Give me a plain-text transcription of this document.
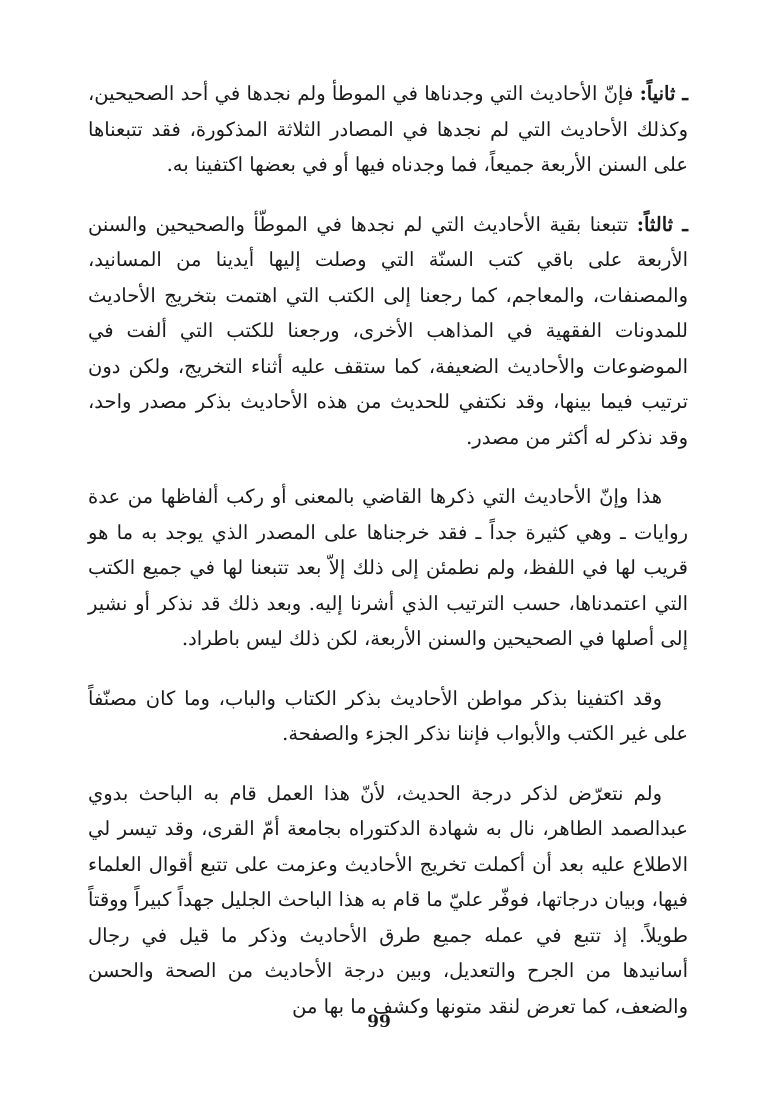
ـ ثانياً: فإنّ الأحاديث التي وجدناها في الموطأ ولم نجدها في أحد الصحيحين، وكذلك الأحاديث التي لم نجدها في المصادر الثلاثة المذكورة، فقد تتبعناها على السنن الأربعة جميعاً، فما وجدناه فيها أو في بعضها اكتفينا به.

ـ ثالثاً: تتبعنا بقية الأحاديث التي لم نجدها في الموطّأ والصحيحين والسنن الأربعة على باقي كتب السنّة التي وصلت إليها أيدينا من المسانيد، والمصنفات، والمعاجم، كما رجعنا إلى الكتب التي اهتمت بتخريج الأحاديث للمدونات الفقهية في المذاهب الأخرى، ورجعنا للكتب التي ألفت في الموضوعات والأحاديث الضعيفة، كما ستقف عليه أثناء التخريج، ولكن دون ترتيب فيما بينها، وقد نكتفي للحديث من هذه الأحاديث بذكر مصدر واحد، وقد نذكر له أكثر من مصدر.

هذا وإنّ الأحاديث التي ذكرها القاضي بالمعنى أو ركب ألفاظها من عدة روايات ـ وهي كثيرة جداً ـ فقد خرجناها على المصدر الذي يوجد به ما هو قريب لها في اللفظ، ولم نطمئن إلى ذلك إلاّ بعد تتبعنا لها في جميع الكتب التي اعتمدناها، حسب الترتيب الذي أشرنا إليه. وبعد ذلك قد نذكر أو نشير إلى أصلها في الصحيحين والسنن الأربعة، لكن ذلك ليس باطراد.

وقد اكتفينا بذكر مواطن الأحاديث بذكر الكتاب والباب، وما كان مصنّفاً على غير الكتب والأبواب فإننا نذكر الجزء والصفحة.

ولم نتعرّض لذكر درجة الحديث، لأنّ هذا العمل قام به الباحث بدوي عبدالصمد الطاهر، نال به شهادة الدكتوراه بجامعة أمّ القرى، وقد تيسر لي الاطلاع عليه بعد أن أكملت تخريج الأحاديث وعزمت على تتبع أقوال العلماء فيها، وبيان درجاتها، فوفّر عليّ ما قام به هذا الباحث الجليل جهداً كبيراً ووقتاً طويلاً. إذ تتبع في عمله جميع طرق الأحاديث وذكر ما قيل في رجال أسانيدها من الجرح والتعديل، وبين درجة الأحاديث من الصحة والحسن والضعف، كما تعرض لنقد متونها وكشف ما بها من

99
